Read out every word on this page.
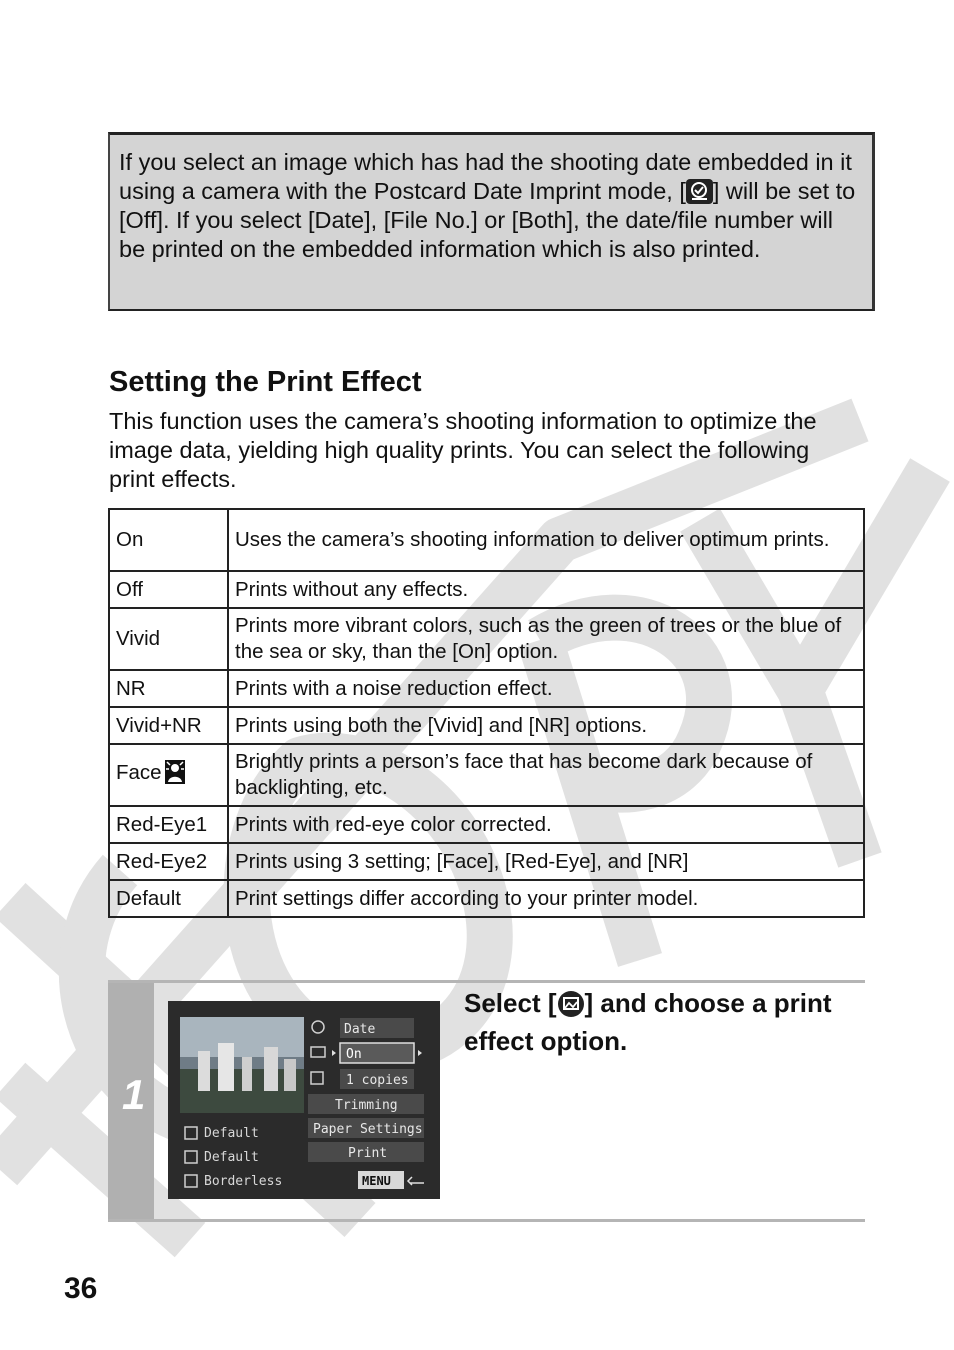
If you select an image which has had the shooting date embedded in it using a camera with the Postcard Date Imprint mode, [ ] will be set to [Off]. If you select [Date], [File No.] or [Both], the date/file number will be printed on the embedded information which is also printed.
Setting the Print Effect

This function uses the camera’s shooting information to optimize the image data, yielding high quality prints. You can select the following print effects.

On	Uses the camera’s shooting information to deliver optimum prints.
Off	Prints without any effects.
Vivid	Prints more vibrant colors, such as the green of trees or the blue of the sea or sky, than the [On] option.
NR	Prints with a noise reduction effect.
Vivid+NR	Prints using both the [Vivid] and [NR] options.
Face	Brightly prints a person’s face that has become dark because of backlighting, etc.
Red-Eye1	Prints with red-eye color corrected.
Red-Eye2	Prints using 3 setting; [Face], [Red-Eye], and [NR]
Default	Print settings differ according to your printer model.
1
Date
On
1 copies
Trimming
Paper Settings
Print
Default
Default
Borderless	MENU

Select [ ] and choose a print effect option.

36
